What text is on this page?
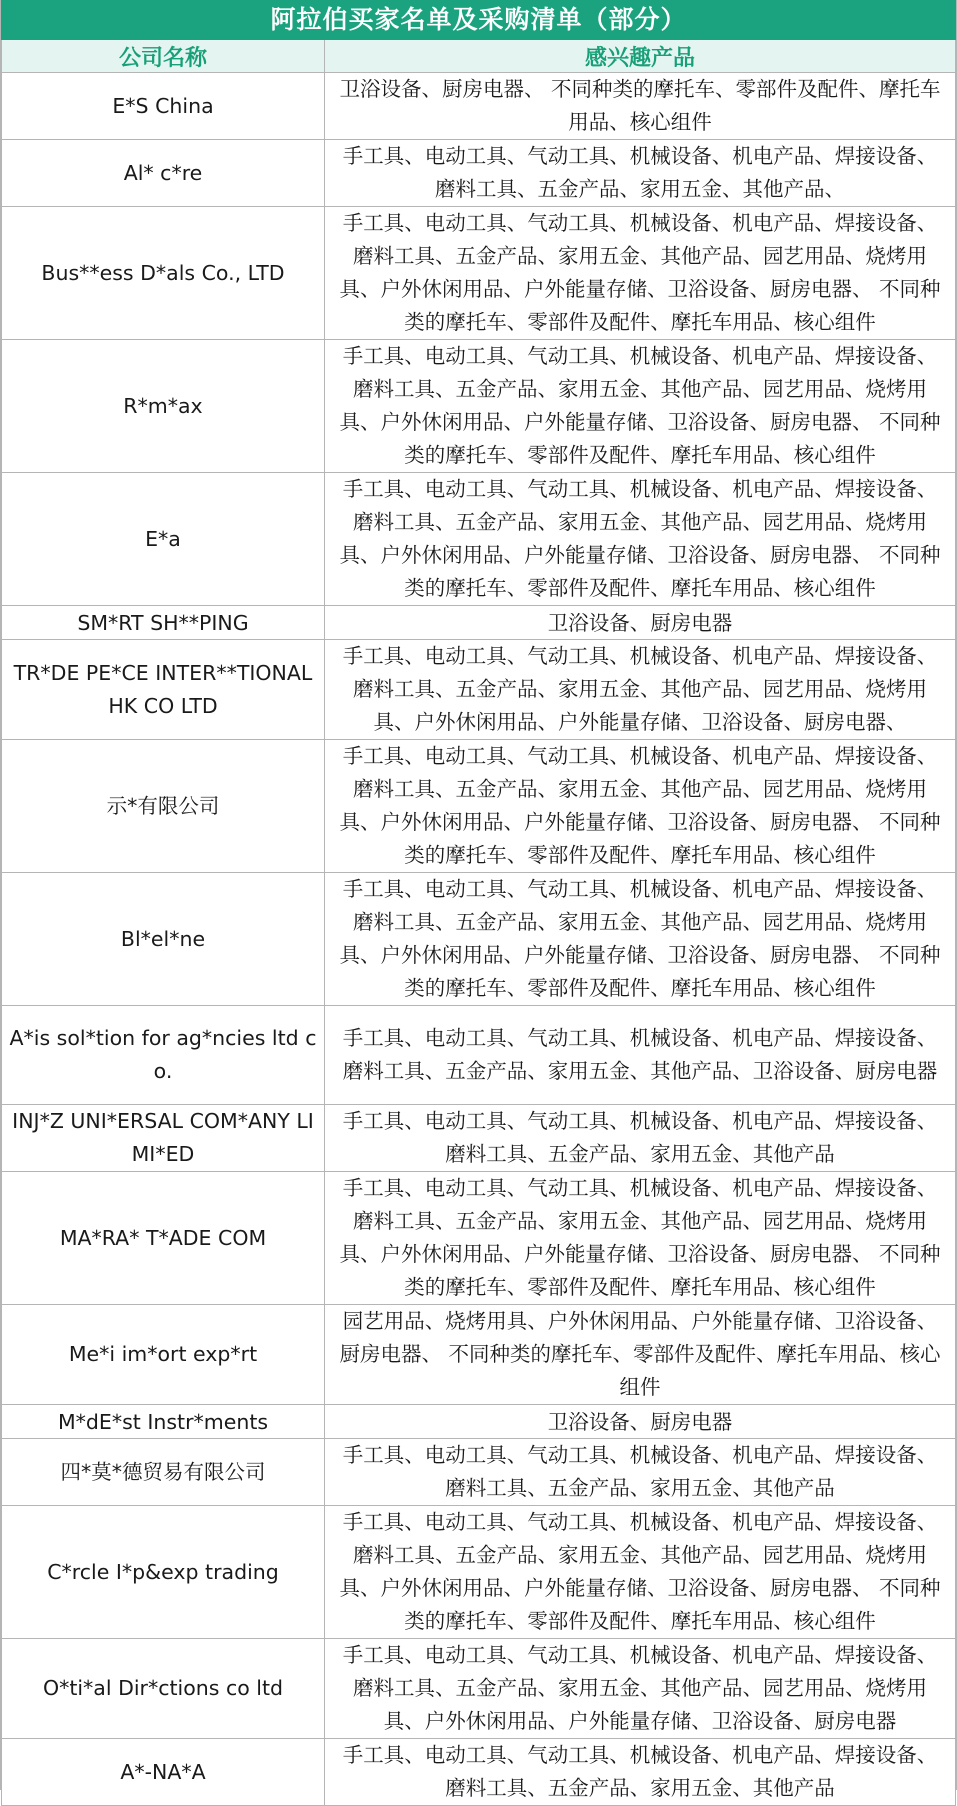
阿拉伯买家名单及采购清单（部分）
公司名称	感兴趣产品
E*S China	卫浴设备、厨房电器、 不同种类的摩托车、零部件及配件、摩托车用品、核心组件
Al* c*re	手工具、电动工具、气动工具、机械设备、机电产品、焊接设备、磨料工具、五金产品、家用五金、其他产品、
Bus**ess D*als Co., LTD	手工具、电动工具、气动工具、机械设备、机电产品、焊接设备、磨料工具、五金产品、家用五金、其他产品、园艺用品、烧烤用具、户外休闲用品、户外能量存储、卫浴设备、厨房电器、 不同种类的摩托车、零部件及配件、摩托车用品、核心组件
R*m*ax	手工具、电动工具、气动工具、机械设备、机电产品、焊接设备、磨料工具、五金产品、家用五金、其他产品、园艺用品、烧烤用具、户外休闲用品、户外能量存储、卫浴设备、厨房电器、 不同种类的摩托车、零部件及配件、摩托车用品、核心组件
E*a	手工具、电动工具、气动工具、机械设备、机电产品、焊接设备、磨料工具、五金产品、家用五金、其他产品、园艺用品、烧烤用具、户外休闲用品、户外能量存储、卫浴设备、厨房电器、 不同种类的摩托车、零部件及配件、摩托车用品、核心组件
SM*RT SH**PING	卫浴设备、厨房电器
TR*DE PE*CE INTER**TIONAL HK CO LTD	手工具、电动工具、气动工具、机械设备、机电产品、焊接设备、磨料工具、五金产品、家用五金、其他产品、园艺用品、烧烤用具、户外休闲用品、户外能量存储、卫浴设备、厨房电器、
示*有限公司	手工具、电动工具、气动工具、机械设备、机电产品、焊接设备、磨料工具、五金产品、家用五金、其他产品、园艺用品、烧烤用具、户外休闲用品、户外能量存储、卫浴设备、厨房电器、 不同种类的摩托车、零部件及配件、摩托车用品、核心组件
Bl*el*ne	手工具、电动工具、气动工具、机械设备、机电产品、焊接设备、磨料工具、五金产品、家用五金、其他产品、园艺用品、烧烤用具、户外休闲用品、户外能量存储、卫浴设备、厨房电器、 不同种类的摩托车、零部件及配件、摩托车用品、核心组件
A*is sol*tion for ag*ncies ltd co.	手工具、电动工具、气动工具、机械设备、机电产品、焊接设备、磨料工具、五金产品、家用五金、其他产品、卫浴设备、厨房电器
INJ*Z UNI*ERSAL COM*ANY LIMI*ED	手工具、电动工具、气动工具、机械设备、机电产品、焊接设备、磨料工具、五金产品、家用五金、其他产品
MA*RA* T*ADE COM	手工具、电动工具、气动工具、机械设备、机电产品、焊接设备、磨料工具、五金产品、家用五金、其他产品、园艺用品、烧烤用具、户外休闲用品、户外能量存储、卫浴设备、厨房电器、 不同种类的摩托车、零部件及配件、摩托车用品、核心组件
Me*i im*ort exp*rt	园艺用品、烧烤用具、户外休闲用品、户外能量存储、卫浴设备、厨房电器、 不同种类的摩托车、零部件及配件、摩托车用品、核心组件
M*dE*st Instr*ments	卫浴设备、厨房电器
四*莫*德贸易有限公司	手工具、电动工具、气动工具、机械设备、机电产品、焊接设备、磨料工具、五金产品、家用五金、其他产品
C*rcle I*p&exp trading	手工具、电动工具、气动工具、机械设备、机电产品、焊接设备、磨料工具、五金产品、家用五金、其他产品、园艺用品、烧烤用具、户外休闲用品、户外能量存储、卫浴设备、厨房电器、 不同种类的摩托车、零部件及配件、摩托车用品、核心组件
O*ti*al Dir*ctions co ltd	手工具、电动工具、气动工具、机械设备、机电产品、焊接设备、磨料工具、五金产品、家用五金、其他产品、园艺用品、烧烤用具、户外休闲用品、户外能量存储、卫浴设备、厨房电器
A*-NA*A	手工具、电动工具、气动工具、机械设备、机电产品、焊接设备、磨料工具、五金产品、家用五金、其他产品
